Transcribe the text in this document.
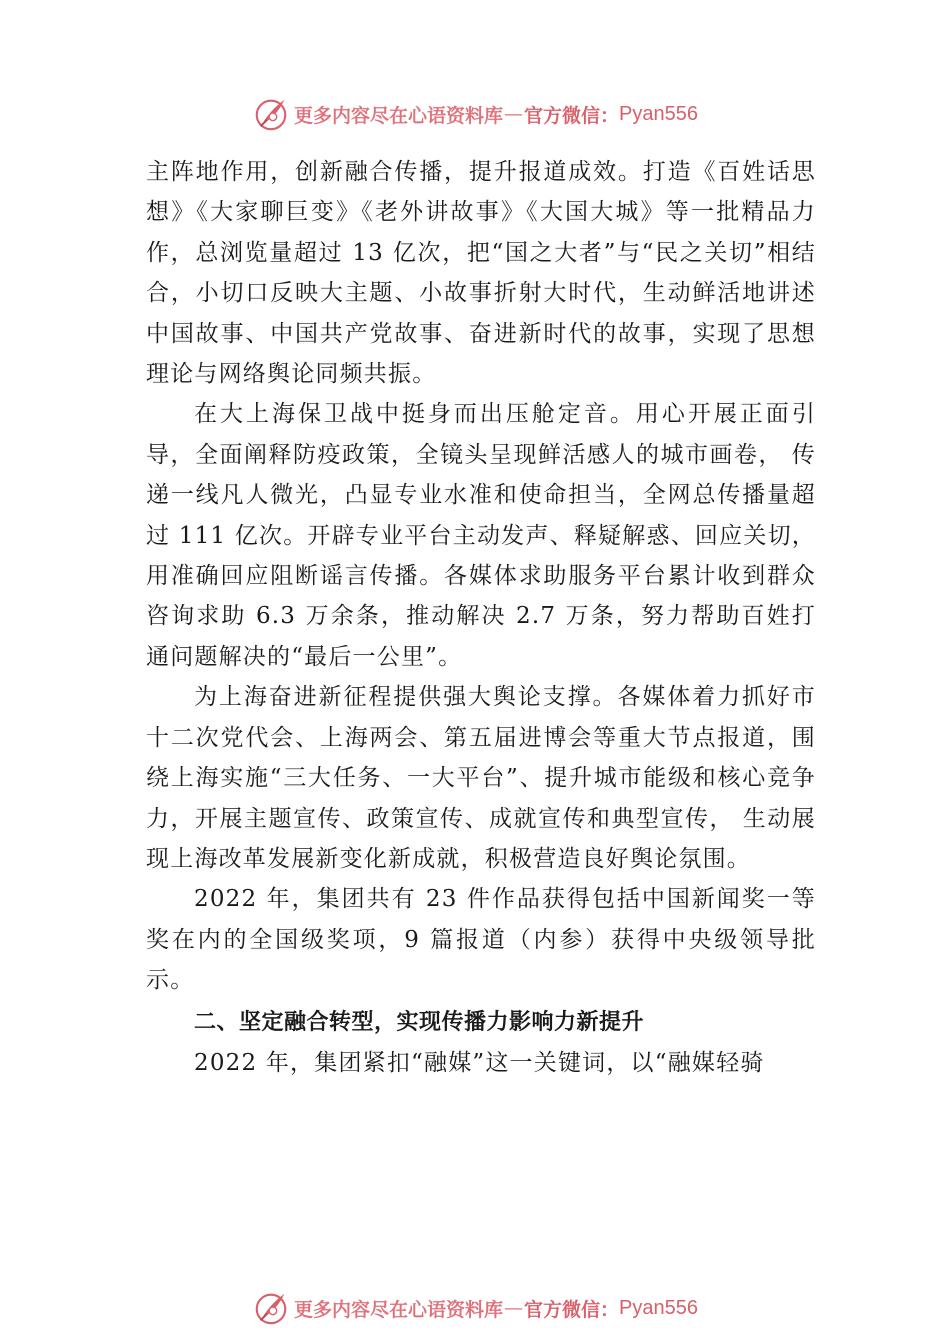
更多内容尽在心语资料库 — 官方微信： Pyan556

主阵地作用，创新融合传播，提升报道成效。打造《百姓话思想》《大家聊巨变》《老外讲故事》《大国大城》等一批精品力作，总浏览量超过 13 亿次，把“国之大者”与“民之关切”相结合，小切口反映大主题、小故事折射大时代，生动鲜活地讲述中国故事、中国共产党故事、奋进新时代的故事，实现了思想理论与网络舆论同频共振。

在大上海保卫战中挺身而出压舱定音。用心开展正面引导，全面阐释防疫政策，全镜头呈现鲜活感人的城市画卷， 传递一线凡人微光，凸显专业水准和使命担当，全网总传播量超过 111 亿次。开辟专业平台主动发声、释疑解惑、回应关切，用准确回应阻断谣言传播。各媒体求助服务平台累计收到群众咨询求助 6.3 万余条，推动解决 2.7 万条，努力帮助百姓打通问题解决的“最后一公里”。

为上海奋进新征程提供强大舆论支撑。各媒体着力抓好市十二次党代会、上海两会、第五届进博会等重大节点报道，围绕上海实施“三大任务、一大平台”、提升城市能级和核心竞争力，开展主题宣传、政策宣传、成就宣传和典型宣传， 生动展现上海改革发展新变化新成就，积极营造良好舆论氛围。

2022 年，集团共有 23 件作品获得包括中国新闻奖一等奖在内的全国级奖项，9 篇报道（内参）获得中央级领导批示。

二、坚定融合转型，实现传播力影响力新提升

2022 年，集团紧扣“融媒”这一关键词，以“融媒轻骑

更多内容尽在心语资料库 — 官方微信： Pyan556
